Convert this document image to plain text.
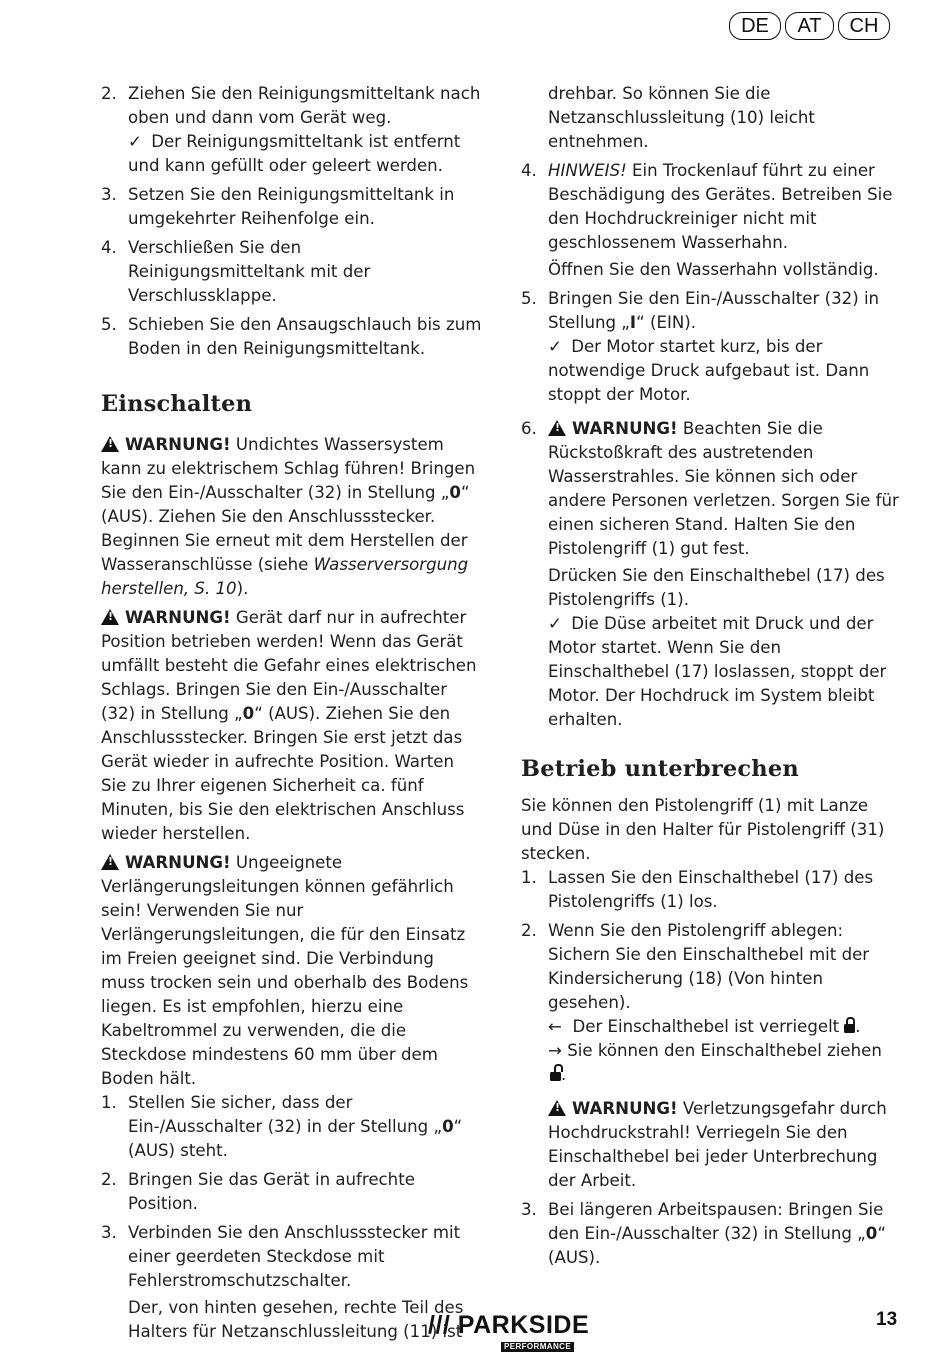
DE	AT	CH

2. Ziehen Sie den Reinigungsmitteltank nach oben und dann vom Gerät weg.

✓ Der Reinigungsmitteltank ist entfernt und kann gefüllt oder geleert werden.

3. Setzen Sie den Reinigungsmitteltank in umgekehrter Reihenfolge ein.

4. Verschließen Sie den Reinigungsmitteltank mit der Verschlussklappe.

5. Schieben Sie den Ansaugschlauch bis zum Boden in den Reinigungsmitteltank.

Einschalten

!WARNUNG! Undichtes Wassersystem kann zu elektrischem Schlag führen! Bringen Sie den Ein-/Ausschalter (32) in Stellung „0“ (AUS). Ziehen Sie den Anschlussstecker. Beginnen Sie erneut mit dem Herstellen der Wasseranschlüsse (siehe Wasserversorgung herstellen, S. 10).

!WARNUNG! Gerät darf nur in aufrechter Position betrieben werden! Wenn das Gerät umfällt besteht die Gefahr eines elektrischen Schlags. Bringen Sie den Ein-/Ausschalter (32) in Stellung „0“ (AUS). Ziehen Sie den Anschlussstecker. Bringen Sie erst jetzt das Gerät wieder in aufrechte Position. Warten Sie zu Ihrer eigenen Sicherheit ca. fünf Minuten, bis Sie den elektrischen Anschluss wieder herstellen.

!WARNUNG! Ungeeignete Verlängerungsleitungen können gefährlich sein! Verwenden Sie nur Verlängerungsleitungen, die für den Einsatz im Freien geeignet sind. Die Verbindung muss trocken sein und oberhalb des Bodens liegen. Es ist empfohlen, hierzu eine Kabeltrommel zu verwenden, die die Steckdose mindestens 60 mm über dem Boden hält.

1. Stellen Sie sicher, dass der Ein-/Ausschalter (32) in der Stellung „0“ (AUS) steht.

2. Bringen Sie das Gerät in aufrechte Position.

3. Verbinden Sie den Anschlussstecker mit einer geerdeten Steckdose mit Fehlerstromschutzschalter.

Der, von hinten gesehen, rechte Teil des Halters für Netzanschlussleitung (11) ist

drehbar. So können Sie die Netzanschlussleitung (10) leicht entnehmen.

4. HINWEIS! Ein Trockenlauf führt zu einer Beschädigung des Gerätes. Betreiben Sie den Hochdruckreiniger nicht mit geschlossenem Wasserhahn.

Öffnen Sie den Wasserhahn vollständig.

5. Bringen Sie den Ein-/Ausschalter (32) in Stellung „I“ (EIN).

✓ Der Motor startet kurz, bis der notwendige Druck aufgebaut ist. Dann stoppt der Motor.

6.
! WARNUNG! Beachten Sie die Rückstoßkraft des austretenden Wasserstrahles. Sie können sich oder andere Personen verletzen. Sorgen Sie für einen sicheren Stand. Halten Sie den Pistolengriff (1) gut fest.

Drücken Sie den Einschalthebel (17) des Pistolengriffs (1).

✓ Die Düse arbeitet mit Druck und der Motor startet. Wenn Sie den Einschalthebel (17) loslassen, stoppt der Motor. Der Hochdruck im System bleibt erhalten.

Betrieb unterbrechen

Sie können den Pistolengriff (1) mit Lanze und Düse in den Halter für Pistolengriff (31) stecken.

1. Lassen Sie den Einschalthebel (17) des Pistolengriffs (1) los.

2. Wenn Sie den Pistolengriff ablegen: Sichern Sie den Einschalthebel mit der Kindersicherung (18) (Von hinten gesehen).

← Der Einschalthebel ist verriegelt .

→ Sie können den Einschalthebel ziehen
.

!WARNUNG! Verletzungsgefahr durch Hochdruckstrahl! Verriegeln Sie den Einschalthebel bei jeder Unterbrechung der Arbeit.

3. Bei längeren Arbeitspausen: Bringen Sie den Ein-/Ausschalter (32) in Stellung „0“ (AUS).

/// PARKSIDE
PERFORMANCE
13
